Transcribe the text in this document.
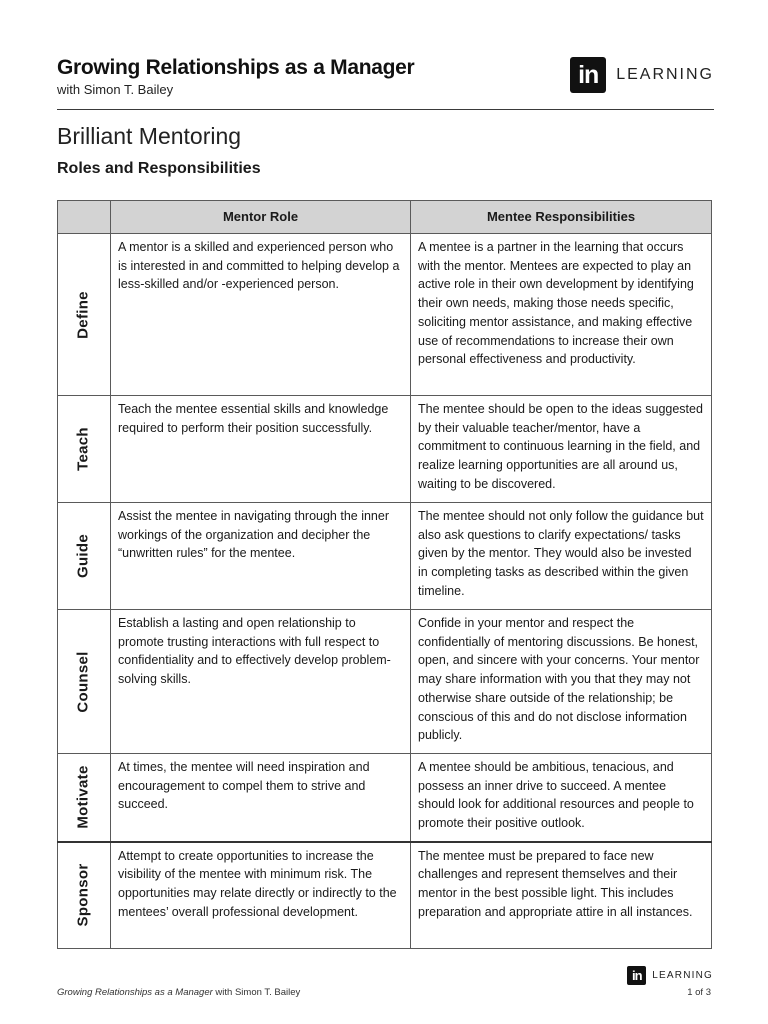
Growing Relationships as a Manager
with Simon T. Bailey
in	LEARNING
Brilliant Mentoring
Roles and Responsibilities
	Mentor Role	Mentee Responsibilities

Define	A mentor is a skilled and experienced person who is interested in and committed to helping develop a less-skilled and/or -experienced person.	A mentee is a partner in the learning that occurs with the mentor. Mentees are expected to play an active role in their own development by identifying their own needs, making those needs specific, soliciting mentor assistance, and making effective use of recommendations to increase their own personal effectiveness and productivity.

Teach	Teach the mentee essential skills and knowledge required to perform their position successfully.	The mentee should be open to the ideas suggested by their valuable teacher/mentor, have a commitment to continuous learning in the field, and realize learning opportunities are all around us, waiting to be discovered.

Guide	Assist the mentee in navigating through the inner workings of the organization and decipher the “unwritten rules” for the mentee.	The mentee should not only follow the guidance but also ask questions to clarify expectations/ tasks given by the mentor. They would also be invested in completing tasks as described within the given timeline.

Counsel	Establish a lasting and open relationship to promote trusting interactions with full respect to confidentiality and to effectively develop problem-solving skills.	Confide in your mentor and respect the confidentially of mentoring discussions. Be honest, open, and sincere with your concerns. Your mentor may share information with you that they may not otherwise share outside of the relationship; be conscious of this and do not disclose information publicly.

Motivate	At times, the mentee will need inspiration and encouragement to compel them to strive and succeed.	A mentee should be ambitious, tenacious, and possess an inner drive to succeed. A mentee should look for additional resources and people to promote their positive outlook.

Sponsor	Attempt to create opportunities to increase the visibility of the mentee with minimum risk. The opportunities may relate directly or indirectly to the mentees’ overall professional development.	The mentee must be prepared to face new challenges and represent themselves and their mentor in the best possible light. This includes preparation and appropriate attire in all instances.
Growing Relationships as a Manager with Simon T. Bailey
in	LEARNING
1 of 3
